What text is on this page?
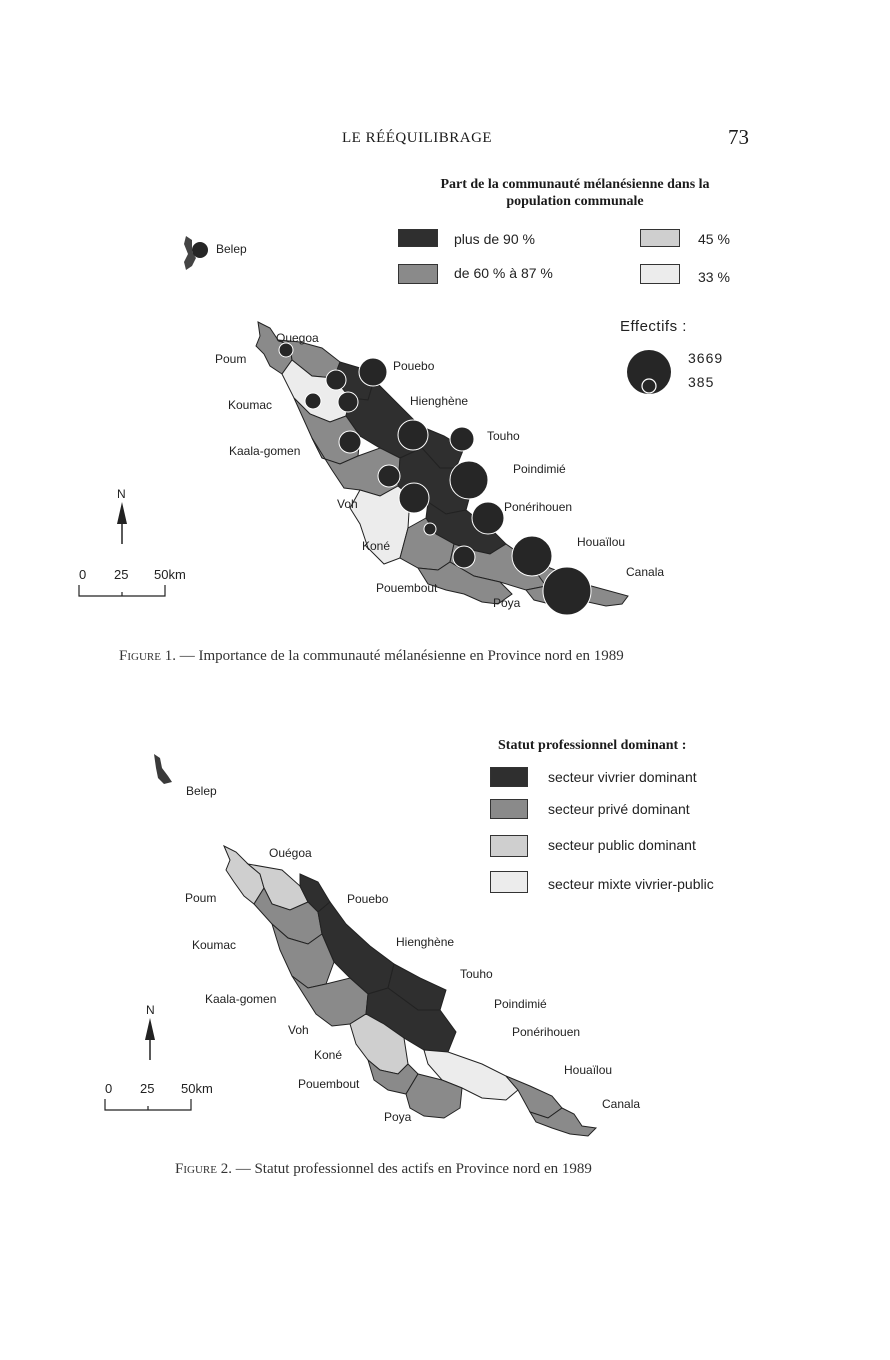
LE RÉÉQUILIBRAGE	73
Part de la communauté mélanésienne dans la
population communale
plus de 90 %
de 60 % à 87 %
45 %
33 %
Effectifs :
3669
385
Belep
Ouegoa
Poum	Pouebo
Koumac	Hienghène
Touho
Kaala-gomen
Poindimié
Voh	Ponérihouen
Koné	Houaïlou
Canala
Pouembout
Poya
N
0 25 50km
Figure 1. — Importance de la communauté mélanésienne en Province nord en 1989
Statut professionnel dominant :
secteur vivrier dominant
secteur privé dominant
secteur public dominant
secteur mixte vivrier-public
Belep
Ouégoa
Poum	Pouebo
Koumac	Hienghène
Touho
Kaala-gomen	Poindimié
Voh	Ponérihouen
Koné
Houaïlou
Pouembout
Canala
Poya
N
0 25 50km
Figure 2. — Statut professionnel des actifs en Province nord en 1989
